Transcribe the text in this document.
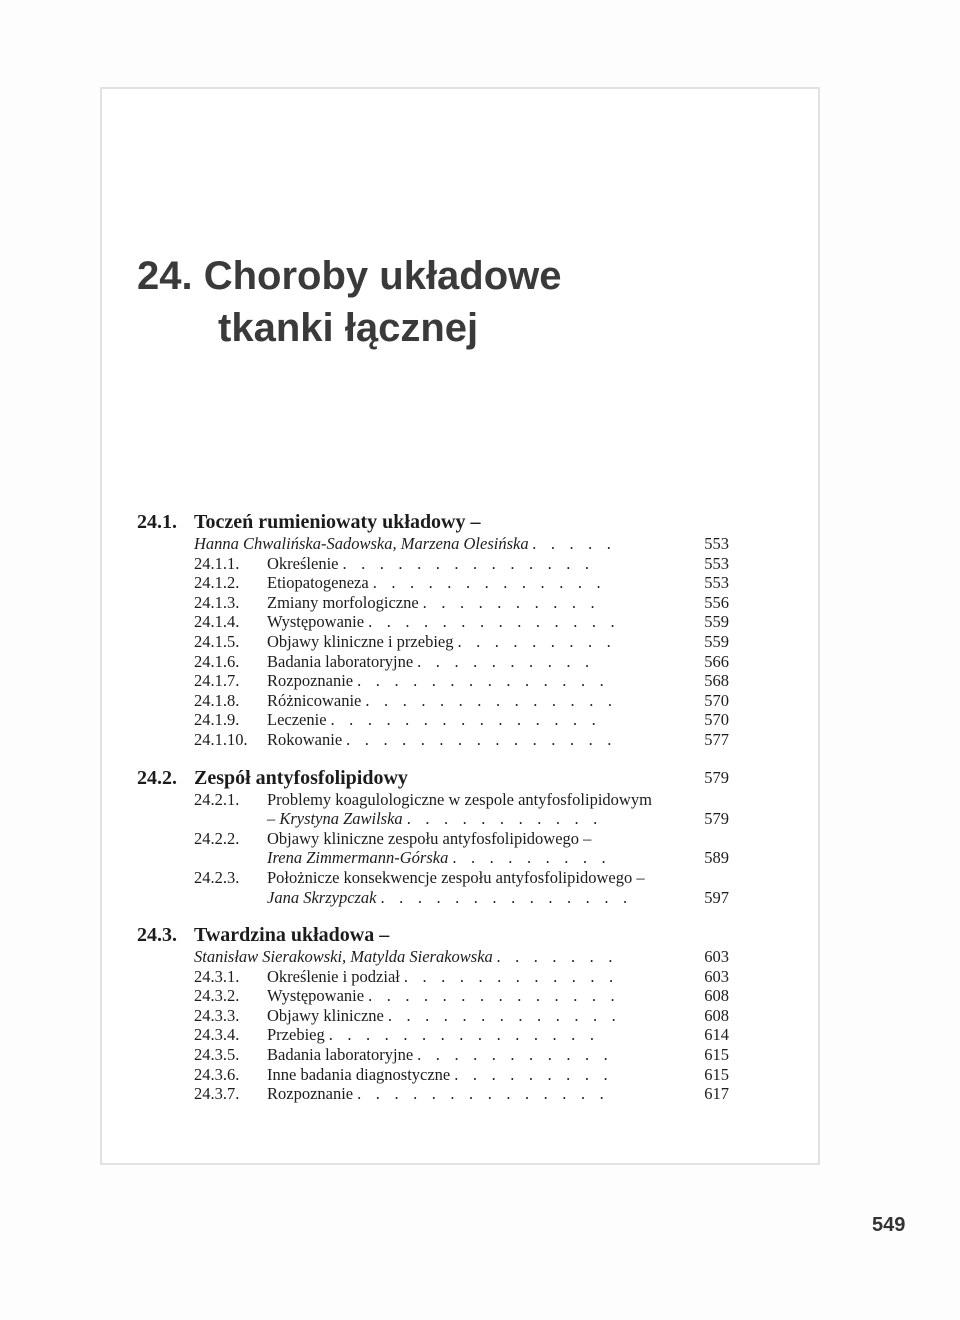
24. Choroby układowe
tkanki łącznej
24.1. Toczeń rumieniowaty układowy –
Hanna Chwalińska-Sadowska, Marzena Olesińska . . . . .	553
24.1.1. Określenie . . . . . . . . . . . . . .	553
24.1.2. Etiopatogeneza . . . . . . . . . . . . .	553
24.1.3. Zmiany morfologiczne . . . . . . . . . .	556
24.1.4. Występowanie . . . . . . . . . . . . . .	559
24.1.5. Objawy kliniczne i przebieg . . . . . . . . .	559
24.1.6. Badania laboratoryjne . . . . . . . . . .	566
24.1.7. Rozpoznanie . . . . . . . . . . . . . .	568
24.1.8. Różnicowanie . . . . . . . . . . . . . .	570
24.1.9. Leczenie . . . . . . . . . . . . . . .	570
24.1.10. Rokowanie . . . . . . . . . . . . . . .	577
24.2. Zespół antyfosfolipidowy	579
24.2.1. Problemy koagulologiczne w zespole antyfosfolipidowym
– Krystyna Zawilska . . . . . . . . . . .	579
24.2.2. Objawy kliniczne zespołu antyfosfolipidowego –
Irena Zimmermann-Górska . . . . . . . . .	589
24.2.3. Położnicze konsekwencje zespołu antyfosfolipidowego –
Jana Skrzypczak . . . . . . . . . . . . . .	597
24.3. Twardzina układowa –
Stanisław Sierakowski, Matylda Sierakowska . . . . . . .	603
24.3.1. Określenie i podział . . . . . . . . . . . .	603
24.3.2. Występowanie . . . . . . . . . . . . . .	608
24.3.3. Objawy kliniczne . . . . . . . . . . . . .	608
24.3.4. Przebieg . . . . . . . . . . . . . . .	614
24.3.5. Badania laboratoryjne . . . . . . . . . . .	615
24.3.6. Inne badania diagnostyczne . . . . . . . . .	615
24.3.7. Rozpoznanie . . . . . . . . . . . . . .	617
549
